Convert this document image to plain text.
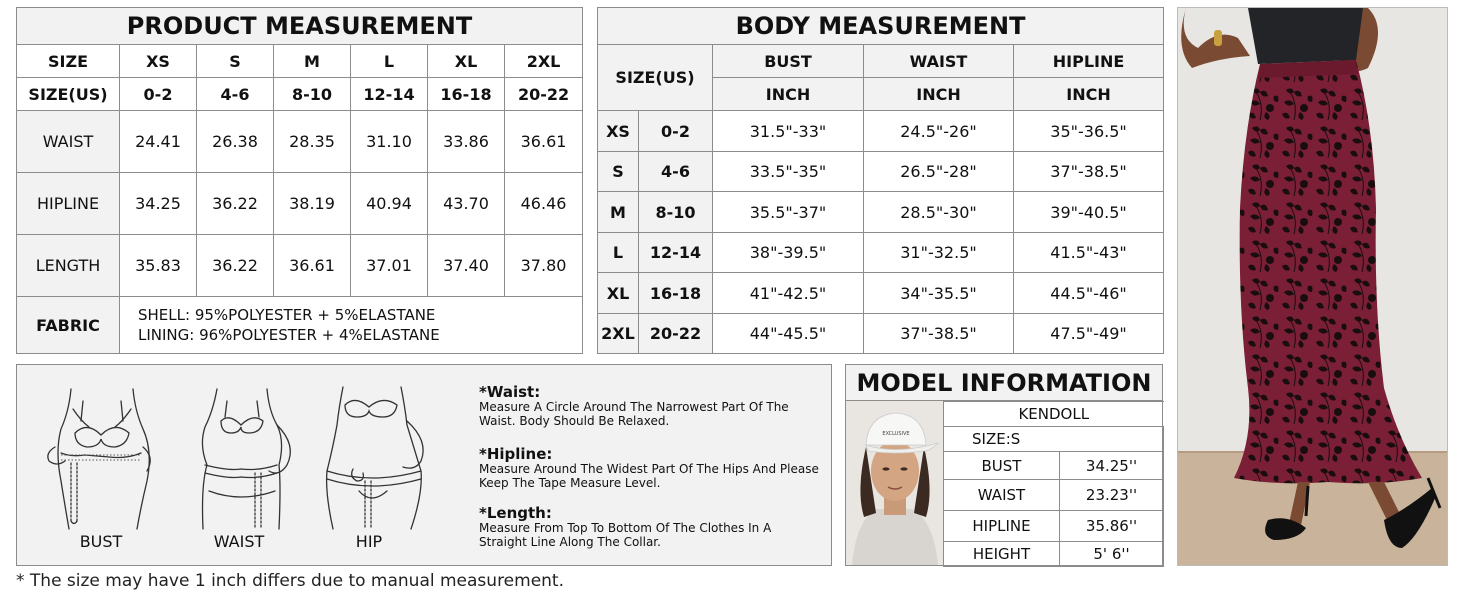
PRODUCT MEASUREMENT						
SIZE	XS	S	M	L	XL	2XL
SIZE(US)	0-2	4-6	8-10	12-14	16-18	20-22
WAIST	24.41	26.38	28.35	31.10	33.86	36.61
HIPLINE	34.25	36.22	38.19	40.94	43.70	46.46
LENGTH	35.83	36.22	36.61	37.01	37.40	37.80
FABRIC	SHELL: 95%POLYESTER + 5%ELASTANE
LINING: 96%POLYESTER + 4%ELASTANE					
BODY MEASUREMENT				
SIZE(US)		BUST	WAIST	HIPLINE
		INCH	INCH	INCH
XS	0-2	31.5"-33"	24.5"-26"	35"-36.5"
S	4-6	33.5"-35"	26.5"-28"	37"-38.5"
M	8-10	35.5"-37"	28.5"-30"	39"-40.5"
L	12-14	38"-39.5"	31"-32.5"	41.5"-43"
XL	16-18	41"-42.5"	34"-35.5"	44.5"-46"
2XL	20-22	44"-45.5"	37"-38.5"	47.5"-49"
BUST	WAIST	HIP
*Waist:
Measure A Circle Around The Narrowest Part Of The Waist. Body Should Be Relaxed.
*Hipline:
Measure Around The Widest Part Of The Hips And Please Keep The Tape Measure Level.
*Length:
Measure From Top To Bottom Of The Clothes In A Straight Line Along The Collar.
MODEL INFORMATION
EXCLUSIVE
KENDOLL	
SIZE:S	
BUST	34.25''
WAIST	23.23''
HIPLINE	35.86''
HEIGHT	5' 6''
* The size may have 1 inch differs due to manual measurement.
